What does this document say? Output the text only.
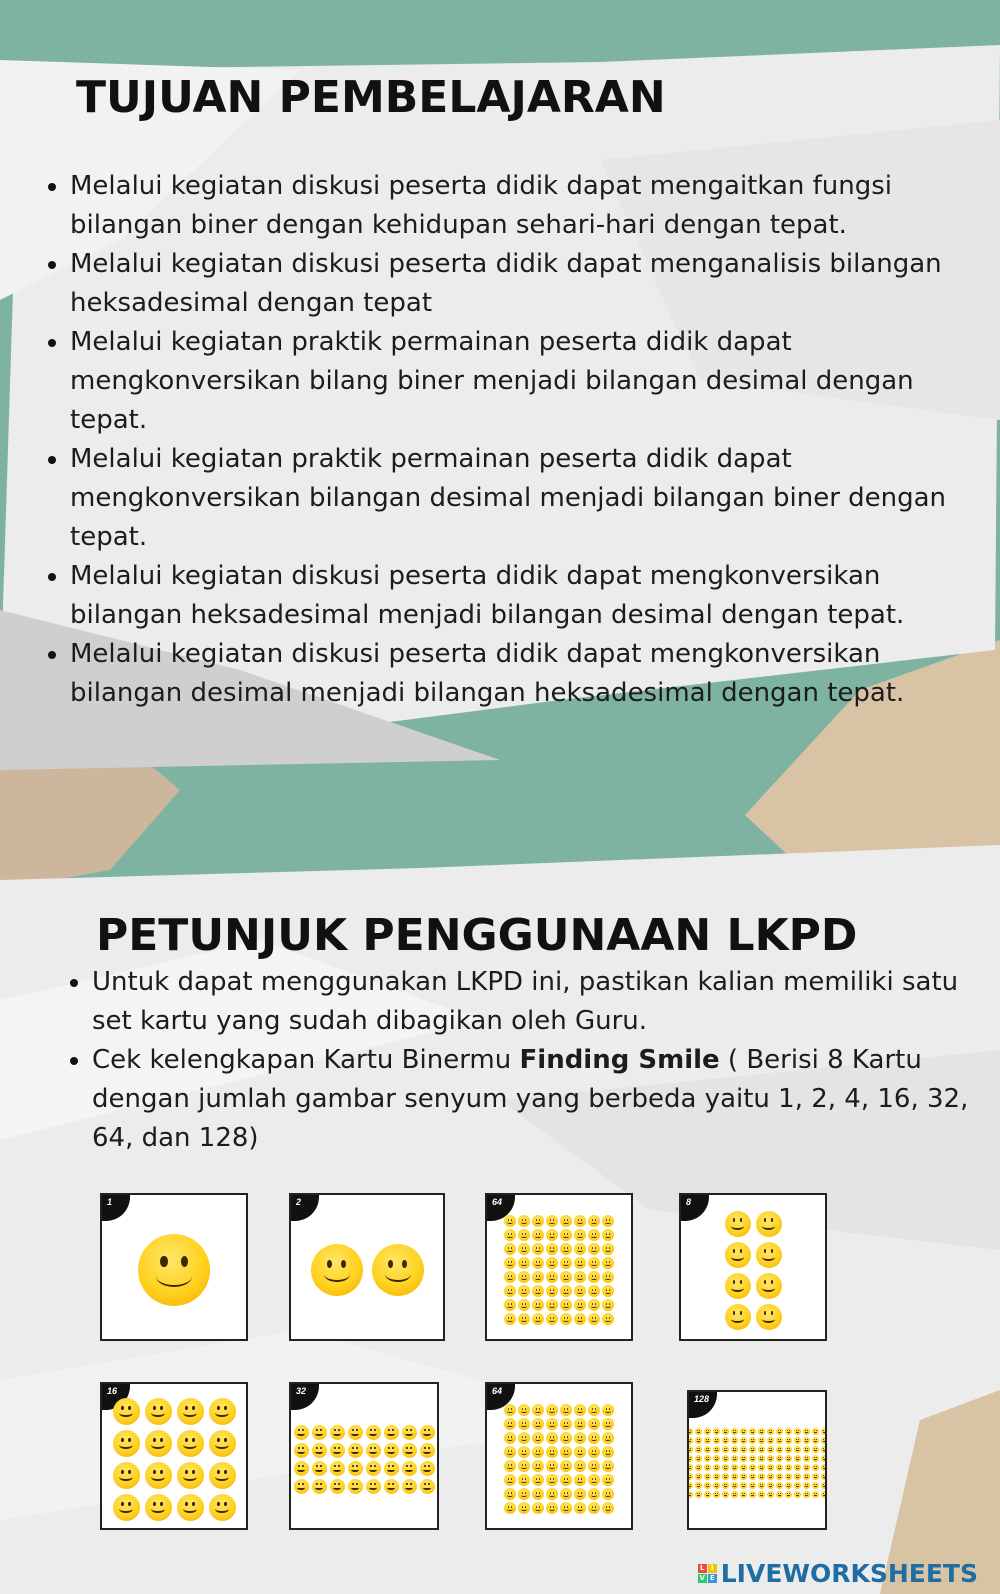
TUJUAN PEMBELAJARAN
Melalui kegiatan diskusi peserta didik dapat mengaitkan fungsi bilangan biner dengan kehidupan sehari-hari dengan tepat.
Melalui kegiatan diskusi peserta didik dapat menganalisis bilangan heksadesimal dengan tepat
Melalui kegiatan praktik permainan peserta didik dapat mengkonversikan bilang biner menjadi bilangan desimal dengan tepat.
Melalui kegiatan praktik permainan peserta didik dapat mengkonversikan bilangan desimal menjadi bilangan biner dengan tepat.
Melalui kegiatan diskusi peserta didik dapat mengkonversikan bilangan heksadesimal menjadi bilangan desimal dengan tepat.
Melalui kegiatan diskusi peserta didik dapat mengkonversikan bilangan desimal menjadi bilangan heksadesimal dengan tepat.
PETUNJUK PENGGUNAAN LKPD
Untuk dapat menggunakan LKPD ini, pastikan kalian memiliki satu set kartu yang sudah dibagikan oleh Guru.
Cek kelengkapan Kartu Binermu Finding Smile ( Berisi 8 Kartu dengan jumlah gambar senyum yang berbeda yaitu 1, 2, 4, 16, 32, 64, dan 128)
1	2	64	8
16	32	64
128
L I
V E LIVEWORKSHEETS
